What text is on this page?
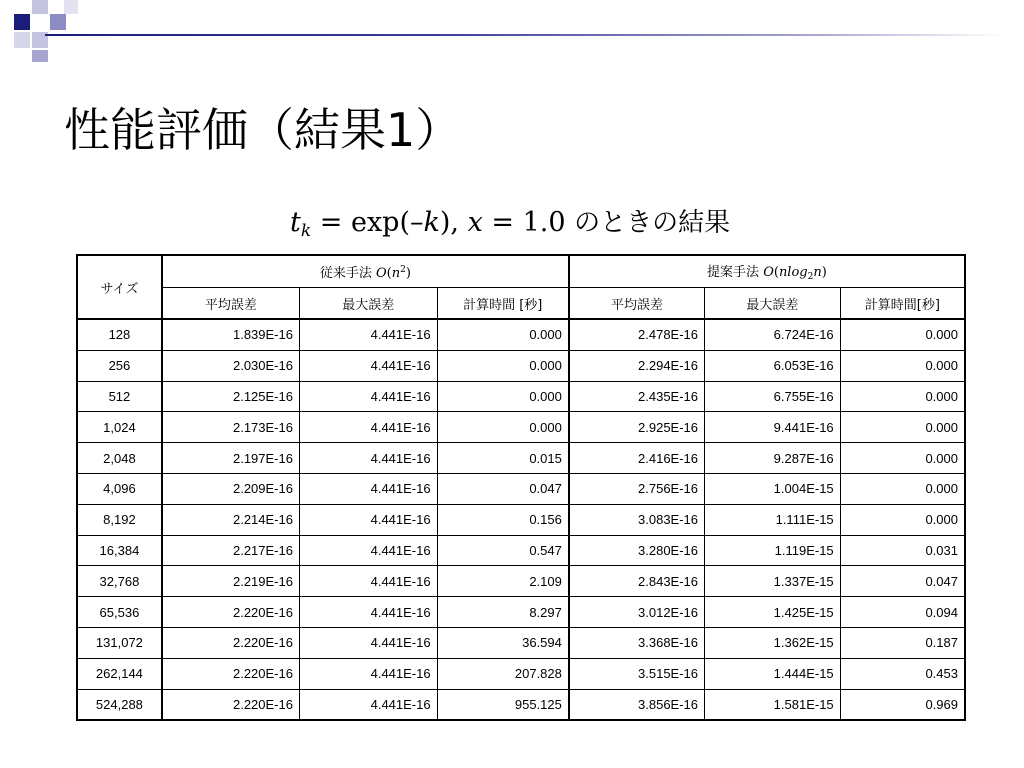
性能評価（結果1）
$t_k = \exp(-k)$, x = 1.0 のときの結果
サイズ	従来手法 $O(n^2)$			提案手法 O(nlog$_2$n)		
	平均誤差	最大誤差	計算時間 [秒]	平均誤差	最大誤差	計算時間[秒]
128	1.839E-16	4.441E-16	0.000	2.478E-16	6.724E-16	0.000
256	2.030E-16	4.441E-16	0.000	2.294E-16	6.053E-16	0.000
512	2.125E-16	4.441E-16	0.000	2.435E-16	6.755E-16	0.000
1,024	2.173E-16	4.441E-16	0.000	2.925E-16	9.441E-16	0.000
2,048	2.197E-16	4.441E-16	0.015	2.416E-16	9.287E-16	0.000
4,096	2.209E-16	4.441E-16	0.047	2.756E-16	1.004E-15	0.000
8,192	2.214E-16	4.441E-16	0.156	3.083E-16	1.111E-15	0.000
16,384	2.217E-16	4.441E-16	0.547	3.280E-16	1.119E-15	0.031
32,768	2.219E-16	4.441E-16	2.109	2.843E-16	1.337E-15	0.047
65,536	2.220E-16	4.441E-16	8.297	3.012E-16	1.425E-15	0.094
131,072	2.220E-16	4.441E-16	36.594	3.368E-16	1.362E-15	0.187
262,144	2.220E-16	4.441E-16	207.828	3.515E-16	1.444E-15	0.453
524,288	2.220E-16	4.441E-16	955.125	3.856E-16	1.581E-15	0.969
